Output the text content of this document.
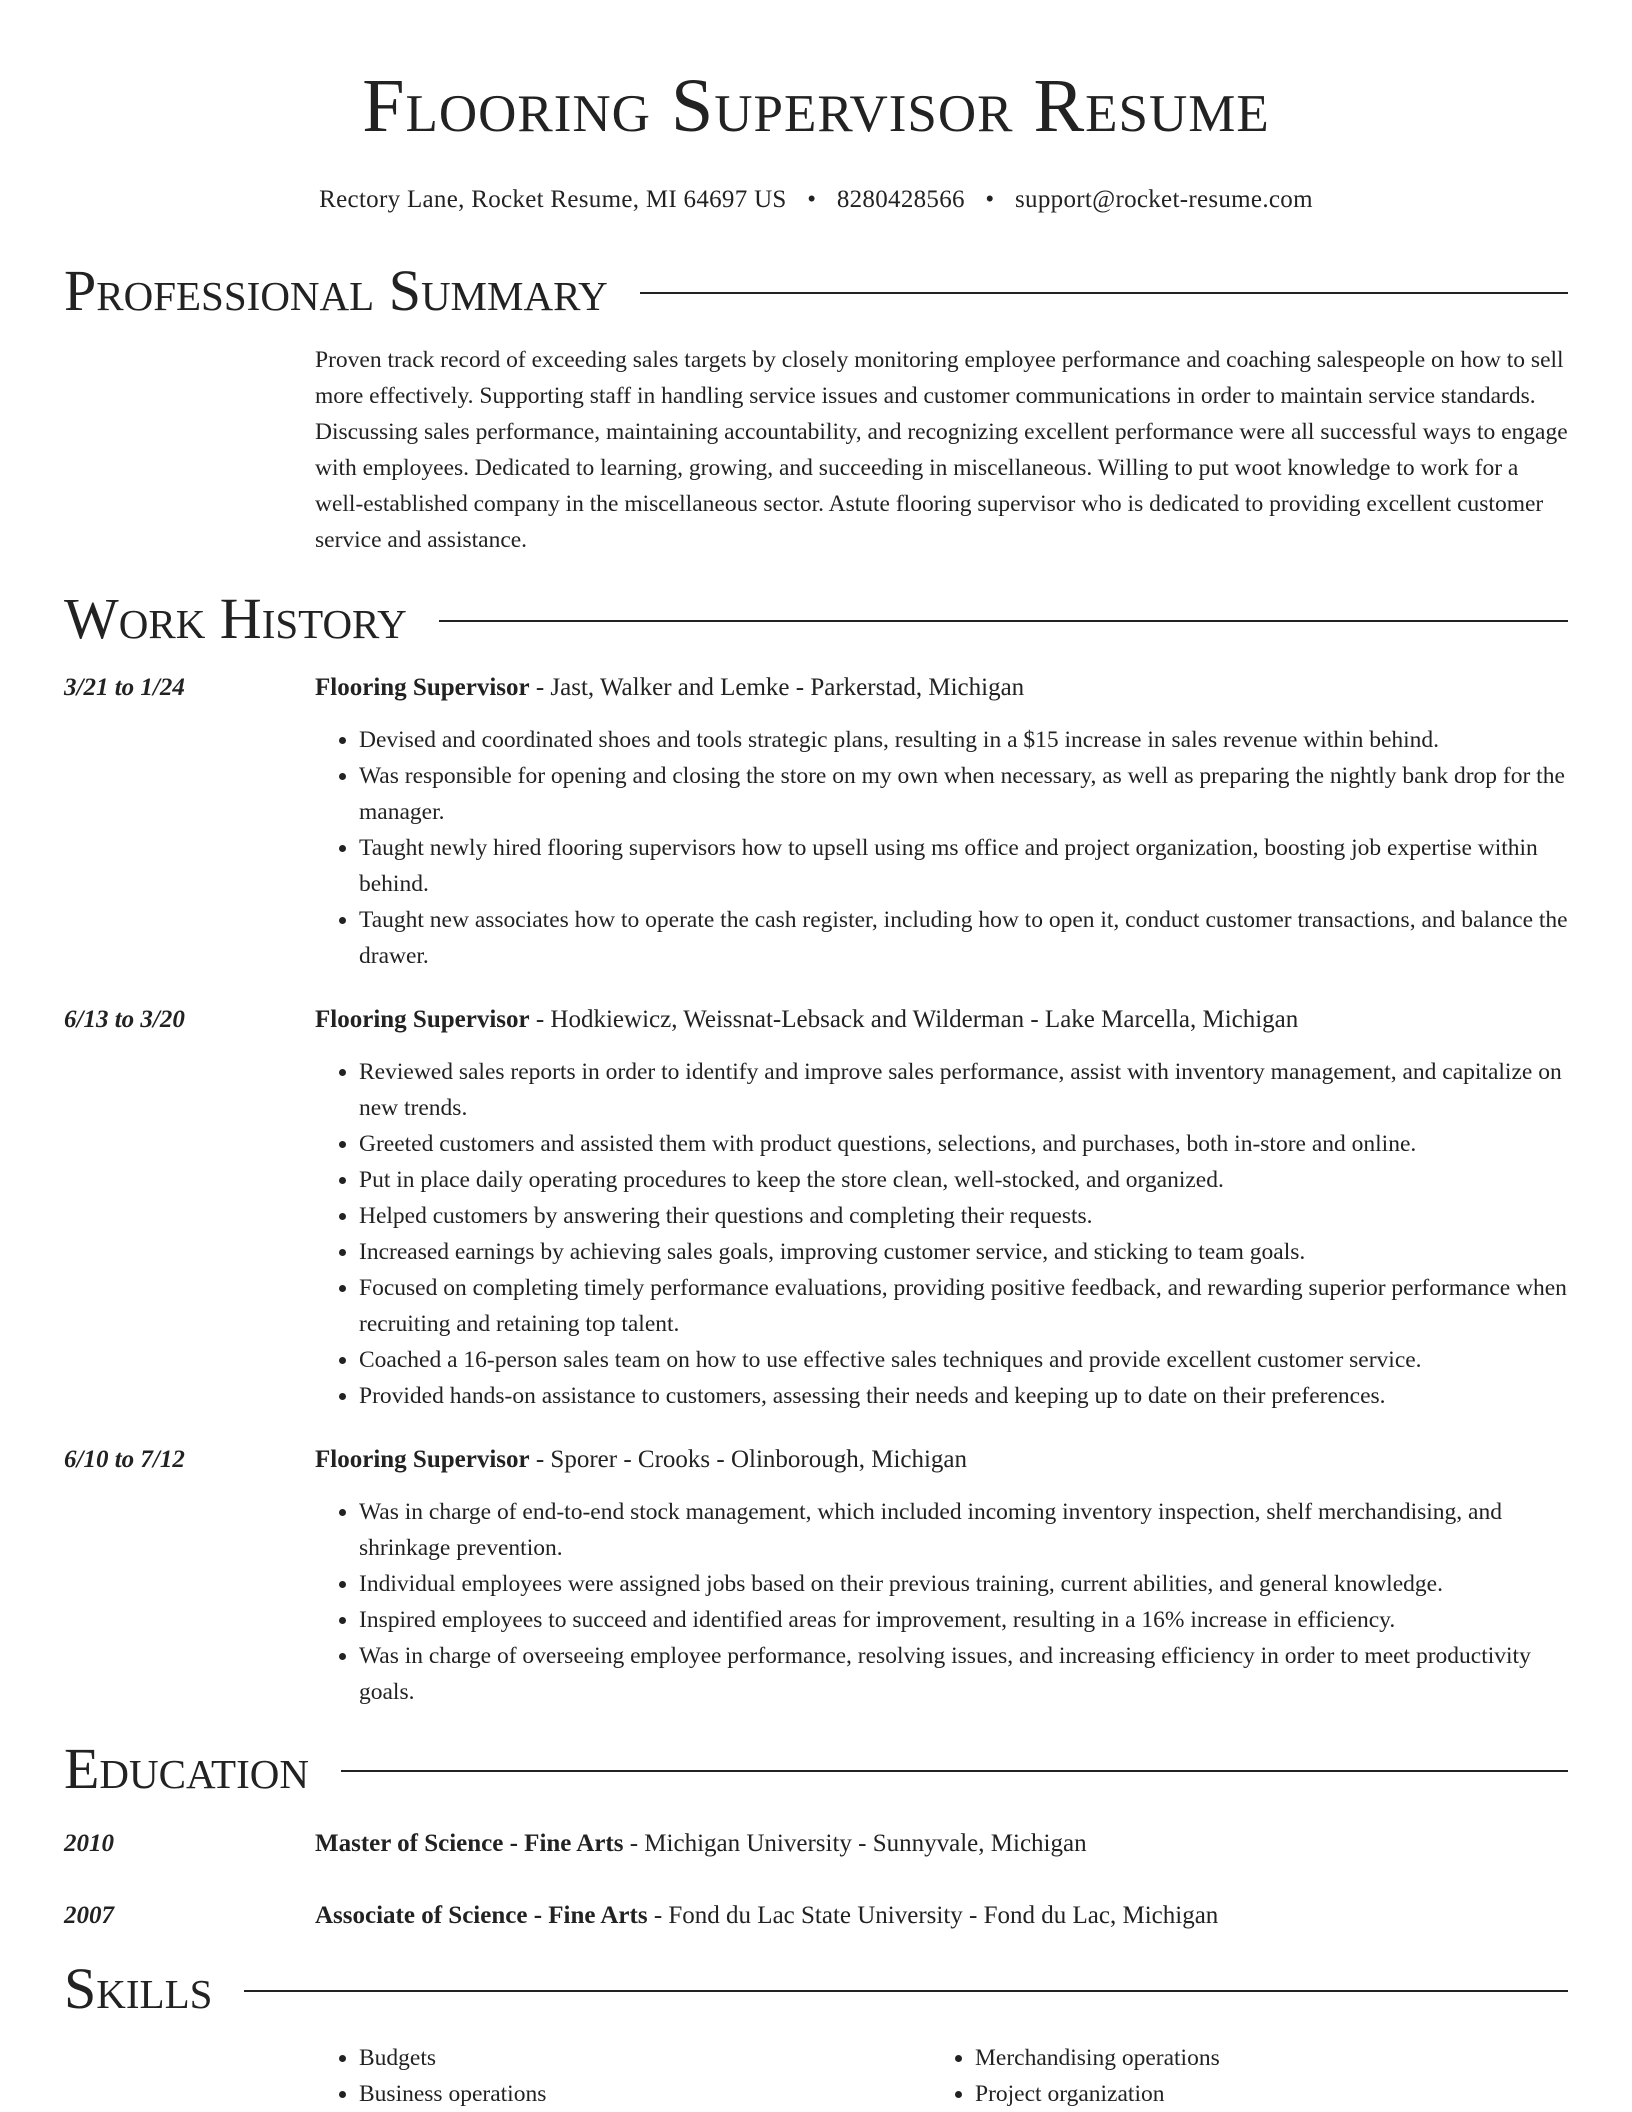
Flooring Supervisor Resume
Rectory Lane, Rocket Resume, MI 64697 US • 8280428566 • support@rocket-resume.com
Professional Summary
Proven track record of exceeding sales targets by closely monitoring employee performance and coaching salespeople on how to sell more effectively. Supporting staff in handling service issues and customer communications in order to maintain service standards. Discussing sales performance, maintaining accountability, and recognizing excellent performance were all successful ways to engage with employees. Dedicated to learning, growing, and succeeding in miscellaneous. Willing to put woot knowledge to work for a well-established company in the miscellaneous sector. Astute flooring supervisor who is dedicated to providing excellent customer service and assistance.
Work History
3/21 to 1/24	Flooring Supervisor - Jast, Walker and Lemke - Parkerstad, Michigan
• Devised and coordinated shoes and tools strategic plans, resulting in a $15 increase in sales revenue within behind.
• Was responsible for opening and closing the store on my own when necessary, as well as preparing the nightly bank drop for the manager.
• Taught newly hired flooring supervisors how to upsell using ms office and project organization, boosting job expertise within behind.
• Taught new associates how to operate the cash register, including how to open it, conduct customer transactions, and balance the drawer.
6/13 to 3/20	Flooring Supervisor - Hodkiewicz, Weissnat-Lebsack and Wilderman - Lake Marcella, Michigan
• Reviewed sales reports in order to identify and improve sales performance, assist with inventory management, and capitalize on new trends.
• Greeted customers and assisted them with product questions, selections, and purchases, both in-store and online.
• Put in place daily operating procedures to keep the store clean, well-stocked, and organized.
• Helped customers by answering their questions and completing their requests.
• Increased earnings by achieving sales goals, improving customer service, and sticking to team goals.
• Focused on completing timely performance evaluations, providing positive feedback, and rewarding superior performance when recruiting and retaining top talent.
• Coached a 16-person sales team on how to use effective sales techniques and provide excellent customer service.
• Provided hands-on assistance to customers, assessing their needs and keeping up to date on their preferences.
6/10 to 7/12	Flooring Supervisor - Sporer - Crooks - Olinborough, Michigan
• Was in charge of end-to-end stock management, which included incoming inventory inspection, shelf merchandising, and shrinkage prevention.
• Individual employees were assigned jobs based on their previous training, current abilities, and general knowledge.
• Inspired employees to succeed and identified areas for improvement, resulting in a 16% increase in efficiency.
• Was in charge of overseeing employee performance, resolving issues, and increasing efficiency in order to meet productivity goals.
Education
2010	Master of Science - Fine Arts - Michigan University - Sunnyvale, Michigan
2007	Associate of Science - Fine Arts - Fond du Lac State University - Fond du Lac, Michigan
Skills
• Budgets
• Business operations
• Merchandising operations
• Project organization
